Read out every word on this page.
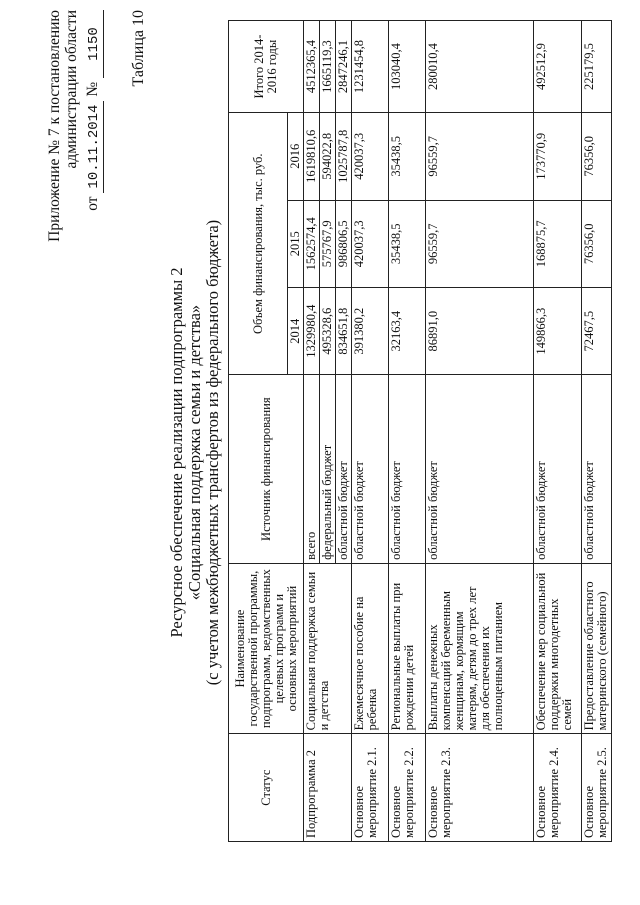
Приложение № 7 к постановлению администрации области
от 10.11.2014 № 1150 Таблица 10
Ресурсное обеспечение реализации подпрограммы 2 «Социальная поддержка семьи и детства» (с учетом межбюджетных трансфертов из федерального бюджета)
Статус	Наименование государственной программы, подпрограмм, ведомственных целевых программ и основных мероприятий	Источник финансирования	Объем финансирования, тыс. руб.			Итого 2014-2016 годы
			2014	2015	2016	
Подпрограмма 2	Социальная поддержка семьи и детства	всего	1329980,4	1562574,4	1619810,6	4512365,4
		федеральный бюджет	495328,6	575767,9	594022,8	1665119,3
		областной бюджет	834651,8	986806,5	1025787,8	2847246,1
Основное мероприятие 2.1.	Ежемесячное пособие на ребенка	областной бюджет	391380,2	420037,3	420037,3	1231454,8
Основное мероприятие 2.2.	Региональные выплаты при рождении детей	областной бюджет	32163,4	35438,5	35438,5	103040,4
Основное мероприятие 2.3.	Выплаты денежных компенсаций беременным женщинам, кормящим матерям, детям до трех лет для обеспечения их полноценным питанием	областной бюджет	86891,0	96559,7	96559,7	280010,4
Основное мероприятие 2.4.	Обеспечение мер социальной поддержки многодетных семей	областной бюджет	149866,3	168875,7	173770,9	492512,9
Основное мероприятие 2.5.	Предоставление областного материнского (семейного)	областной бюджет	72467,5	76356,0	76356,0	225179,5
